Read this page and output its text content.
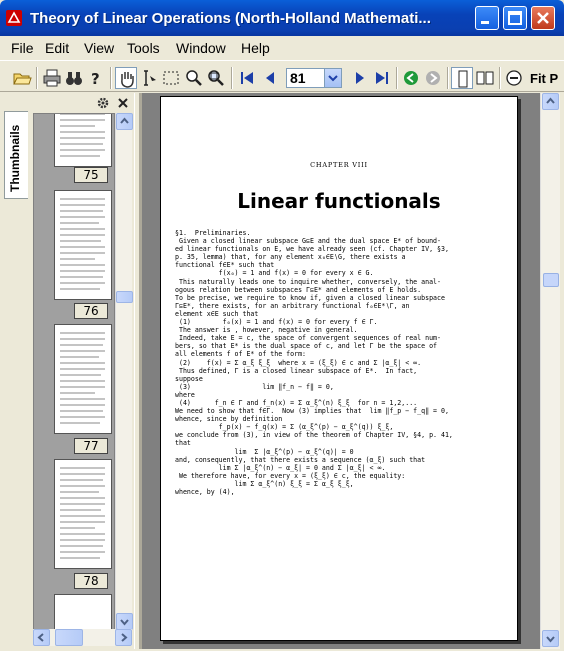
Theory of Linear Operations (North-Holland Mathemati...
File Edit View Tools Window Help
?	81	Fit P
Thumbnails	75
76
77
78
CHAPTER VIII
Linear functionals
§1.  Preliminaries.
Given a closed linear subspace G⊆E and the dual space E* of bound-
ed linear functionals on E, we have already seen (cf. Chapter IV, §3,
p. 35, lemma) that, for any element x₀∈E∖G, there exists a
functional f∈E* such that
f(x₀) = 1 and f(x) = 0 for every x ∈ G.
This naturally leads one to inquire whether, conversely, the anal-
ogous relation between subspaces Γ⊆E* and elements of E holds.
To be precise, we require to know if, given a closed linear subspace
Γ⊆E*, there exists, for an arbitrary functional f₀∈E*∖Γ, an
element x∈E such that
(1)        f₀(x) = 1 and f(x) = 0 for every f ∈ Γ.
The answer is , however, negative in general.
Indeed, take E = c, the space of convergent sequences of real num-
bers, so that E* is the dual space of c, and let Γ be the space of
all elements f of E* of the form:
(2)    f(x) = Σ α_ξ ξ_ξ  where x = (ξ_ξ) ∈ c and Σ |α_ξ| < ∞.
Thus defined, Γ is a closed linear subspace of E*.  In fact,
suppose
(3)                  lim ‖f_n − f‖ = 0,
where
(4)      f_n ∈ Γ and f_n(x) = Σ α_ξ^(n) ξ_ξ  for n = 1,2,...
We need to show that f∈Γ.  Now (3) implies that  lim ‖f_p − f_q‖ = 0,
whence, since by definition
f_p(x) − f_q(x) = Σ (α_ξ^(p) − α_ξ^(q)) ξ_ξ,
we conclude from (3), in view of the theorem of Chapter IV, §4, p. 41,
that
lim  Σ |α_ξ^(p) − α_ξ^(q)| = 0
and, consequently, that there exists a sequence (α_ξ) such that
lim Σ |α_ξ^(n) − α_ξ| = 0 and Σ |α_ξ| < ∞.
We therefore have, for every x = (ξ_ξ) ∈ c, the equality:
lim Σ α_ξ^(n) ξ_ξ = Σ α_ξ ξ_ξ,
whence, by (4),
